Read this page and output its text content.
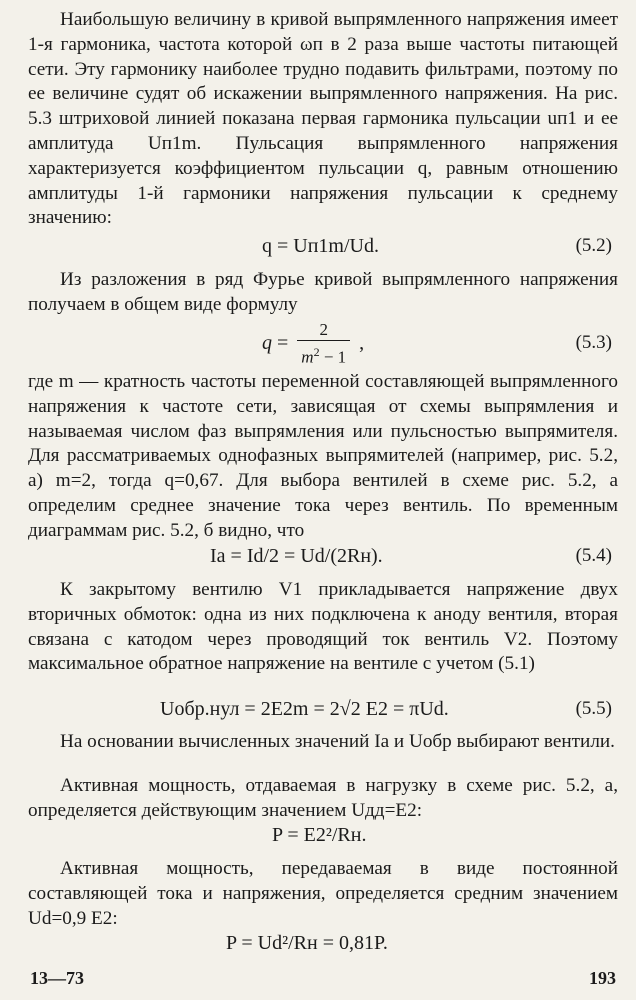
Наибольшую величину в кривой выпрямленного напряжения имеет 1-я гармоника, частота которой ωп в 2 раза выше частоты питающей сети. Эту гармонику наиболее трудно подавить фильтрами, поэтому по ее величине судят об искажении выпрямленного напряжения. На рис. 5.3 штриховой линией показана первая гармоника пульсации uп1 и ее амплитуда Uп1m. Пульсация выпрямленного напряжения характеризуется коэффициентом пульсации q, равным отношению амплитуды 1-й гармоники напряжения пульсации к среднему значению:
q = Uп1m/Ud.	(5.2)
Из разложения в ряд Фурье кривой выпрямленного напряжения получаем в общем виде формулу
$q = \frac{2}{m^2 - 1}$ ,	(5.3)
где m — кратность частоты переменной составляющей выпрямленного напряжения к частоте сети, зависящая от схемы выпрямления и называемая числом фаз выпрямления или пульсностью выпрямителя. Для рассматриваемых однофазных выпрямителей (например, рис. 5.2, а) m=2, тогда q=0,67. Для выбора вентилей в схеме рис. 5.2, а определим среднее значение тока через вентиль. По временным диаграммам рис. 5.2, б видно, что
Iа = Id/2 = Ud/(2Rн).	(5.4)
К закрытому вентилю V1 прикладывается напряжение двух вторичных обмоток: одна из них подключена к аноду вентиля, вторая связана с катодом через проводящий ток вентиль V2. Поэтому максимальное обратное напряжение на вентиле с учетом (5.1)
Uобр.нул = 2E2m = 2√2 E2 = πUd.	(5.5)
На основании вычисленных значений Iа и Uобр выбирают вентили.
Активная мощность, отдаваемая в нагрузку в схеме рис. 5.2, а, определяется действующим значением Uдд=E2:
P = E2²/Rн.
Активная мощность, передаваемая в виде постоянной составляющей тока и напряжения, определяется средним значением Ud=0,9 E2:
P = Ud²/Rн = 0,81P.
13—73	193
